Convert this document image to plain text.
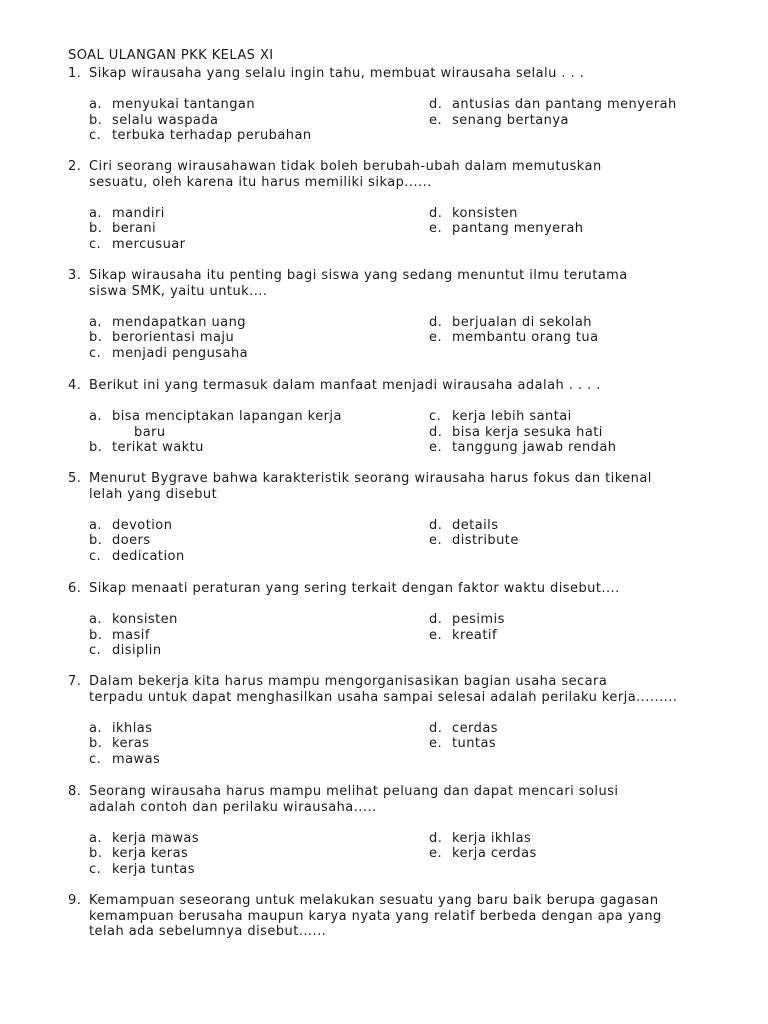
SOAL ULANGAN PKK KELAS XI
1. Sikap wirausaha yang selalu ingin tahu, membuat wirausaha selalu . . .
a. menyukai tantangan
b. selalu waspada
c. terbuka terhadap perubahan
d. antusias dan pantang menyerah
e. senang bertanya
2. Ciri seorang wirausahawan tidak boleh berubah-ubah dalam memutuskan
sesuatu, oleh karena itu harus memiliki sikap......
a. mandiri
b. berani
c. mercusuar
d. konsisten
e. pantang menyerah
3. Sikap wirausaha itu penting bagi siswa yang sedang menuntut ilmu terutama
siswa SMK, yaitu untuk....
a. mendapatkan uang
b. berorientasi maju
c. menjadi pengusaha
d. berjualan di sekolah
e. membantu orang tua
4. Berikut ini yang termasuk dalam manfaat menjadi wirausaha adalah . . . .
a. bisa menciptakan lapangan kerja
baru
b. terikat waktu
c. kerja lebih santai
d. bisa kerja sesuka hati
e. tanggung jawab rendah
5. Menurut Bygrave bahwa karakteristik seorang wirausaha harus fokus dan tikenal
lelah yang disebut
a. devotion
b. doers
c. dedication
d. details
e. distribute
6. Sikap menaati peraturan yang sering terkait dengan faktor waktu disebut....
a. konsisten
b. masif
c. disiplin
d. pesimis
e. kreatif
7. Dalam bekerja kita harus mampu mengorganisasikan bagian usaha secara
terpadu untuk dapat menghasilkan usaha sampai selesai adalah perilaku kerja.........
a. ikhlas
b. keras
c. mawas
d. cerdas
e. tuntas
8. Seorang wirausaha harus mampu melihat peluang dan dapat mencari solusi
adalah contoh dan perilaku wirausaha.....
a. kerja mawas
b. kerja keras
c. kerja tuntas
d. kerja ikhlas
e. kerja cerdas
9. Kemampuan seseorang untuk melakukan sesuatu yang baru baik berupa gagasan
kemampuan berusaha maupun karya nyata yang relatif berbeda dengan apa yang
telah ada sebelumnya disebut......
